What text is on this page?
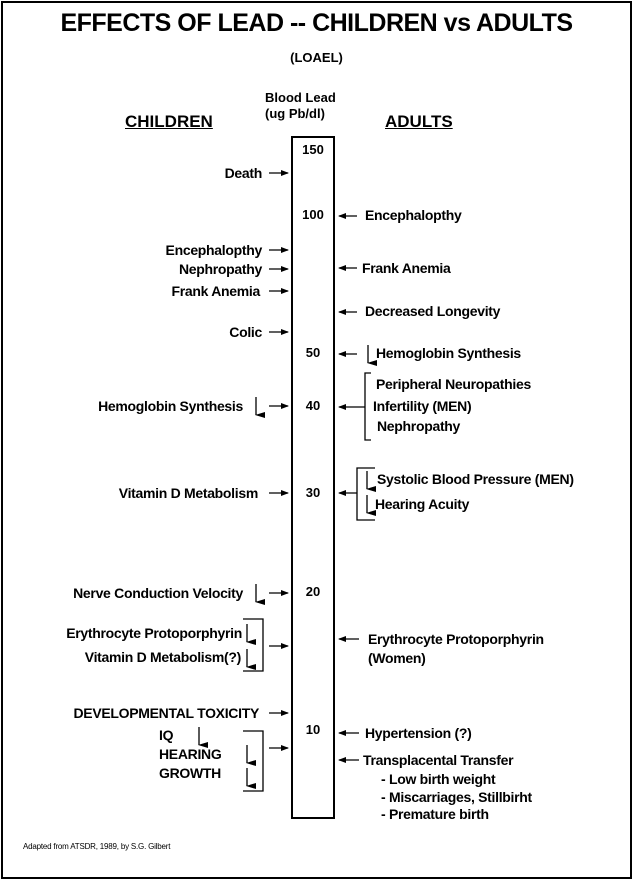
EFFECTS OF LEAD -- CHILDREN vs ADULTS
(LOAEL)
Blood Lead
(ug Pb/dl)
CHILDREN	ADULTS
150
100
50
40
30
20
10
Death
Encephalopthy
Nephropathy
Frank Anemia
Colic
Hemoglobin Synthesis
Vitamin D Metabolism
Nerve Conduction Velocity
Erythrocyte Protoporphyrin
Vitamin D Metabolism(?)
DEVELOPMENTAL TOXICITY
IQ
HEARING
GROWTH
Encephalopthy
Frank Anemia
Decreased Longevity
Hemoglobin Synthesis
Peripheral Neuropathies
Infertility (MEN)
Nephropathy
Systolic Blood Pressure (MEN)
Hearing Acuity
Erythrocyte Protoporphyrin
(Women)
Hypertension (?)
Transplacental Transfer
- Low birth weight
- Miscarriages, Stillbirht
- Premature birth
Adapted from ATSDR, 1989, by S.G. Gilbert
